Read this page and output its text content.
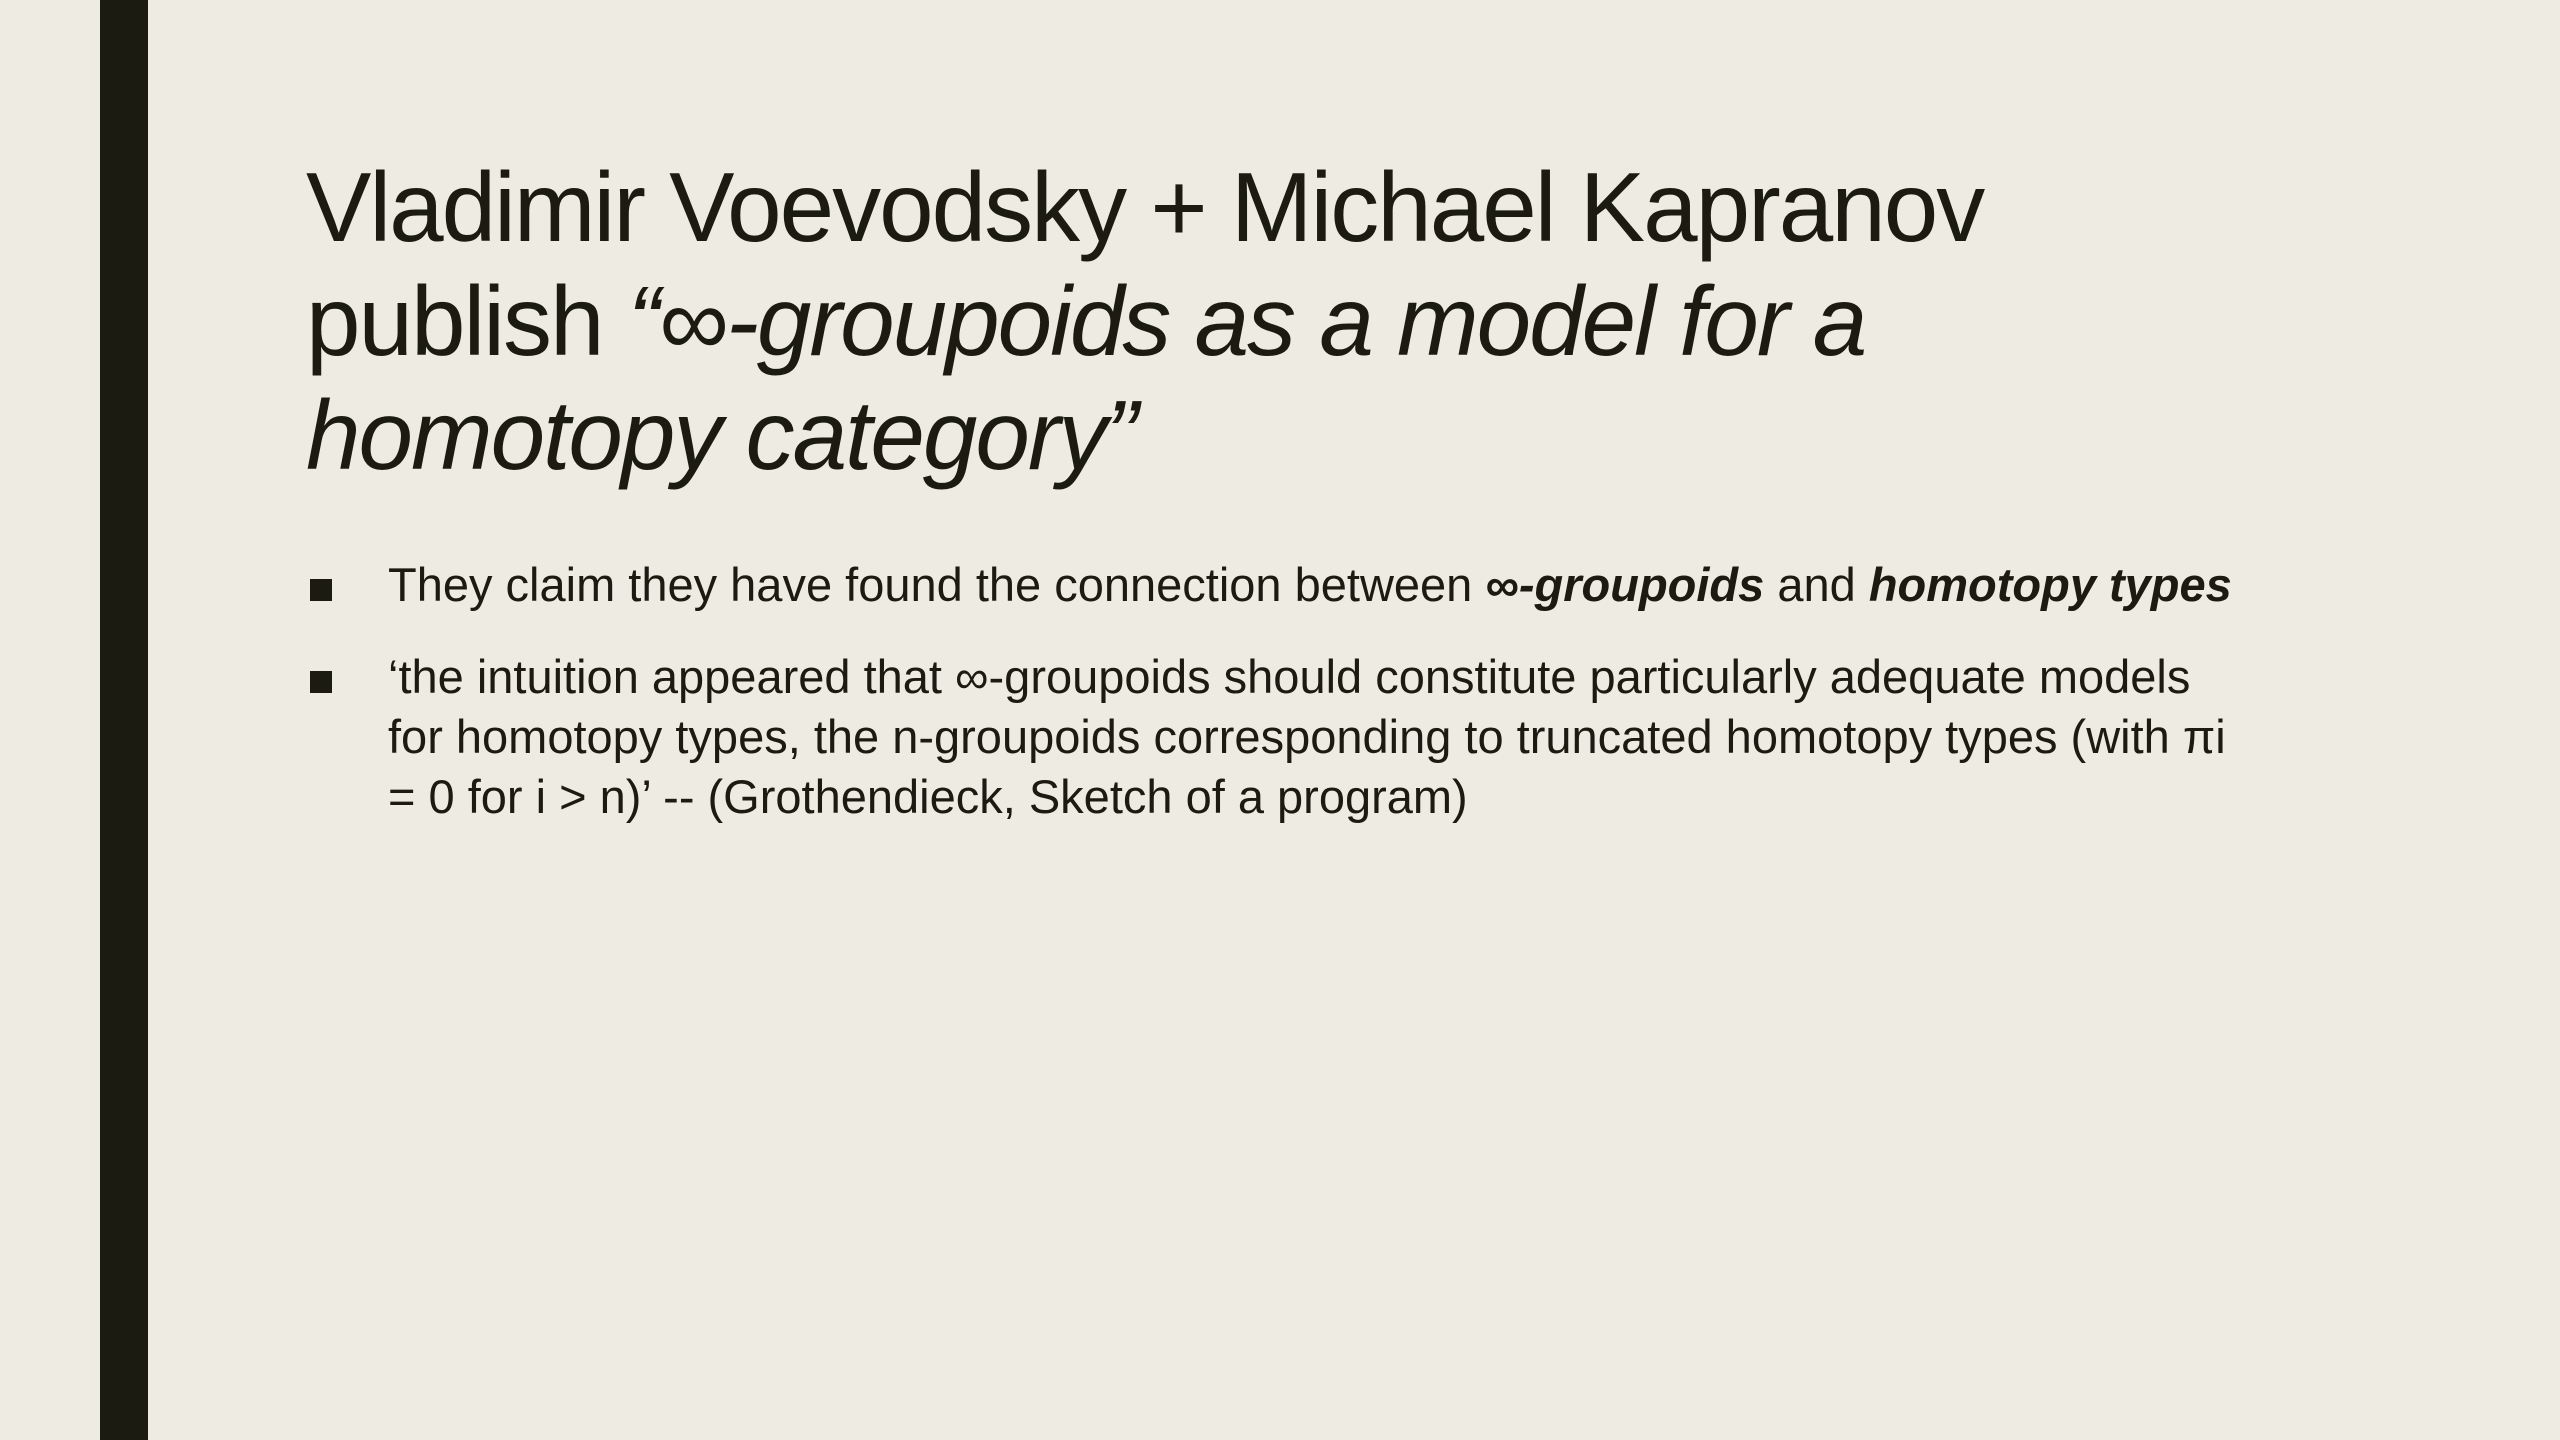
Vladimir Voevodsky + Michael Kapranov
publish “∞-groupoids as a model for a
homotopy category”
They claim they have found the connection between ∞-groupoids and homotopy types
‘the intuition appeared that ∞-groupoids should constitute particularly adequate models for homotopy types, the n-groupoids corresponding to truncated homotopy types (with πi = 0 for i > n)’ -- (Grothendieck, Sketch of a program)
